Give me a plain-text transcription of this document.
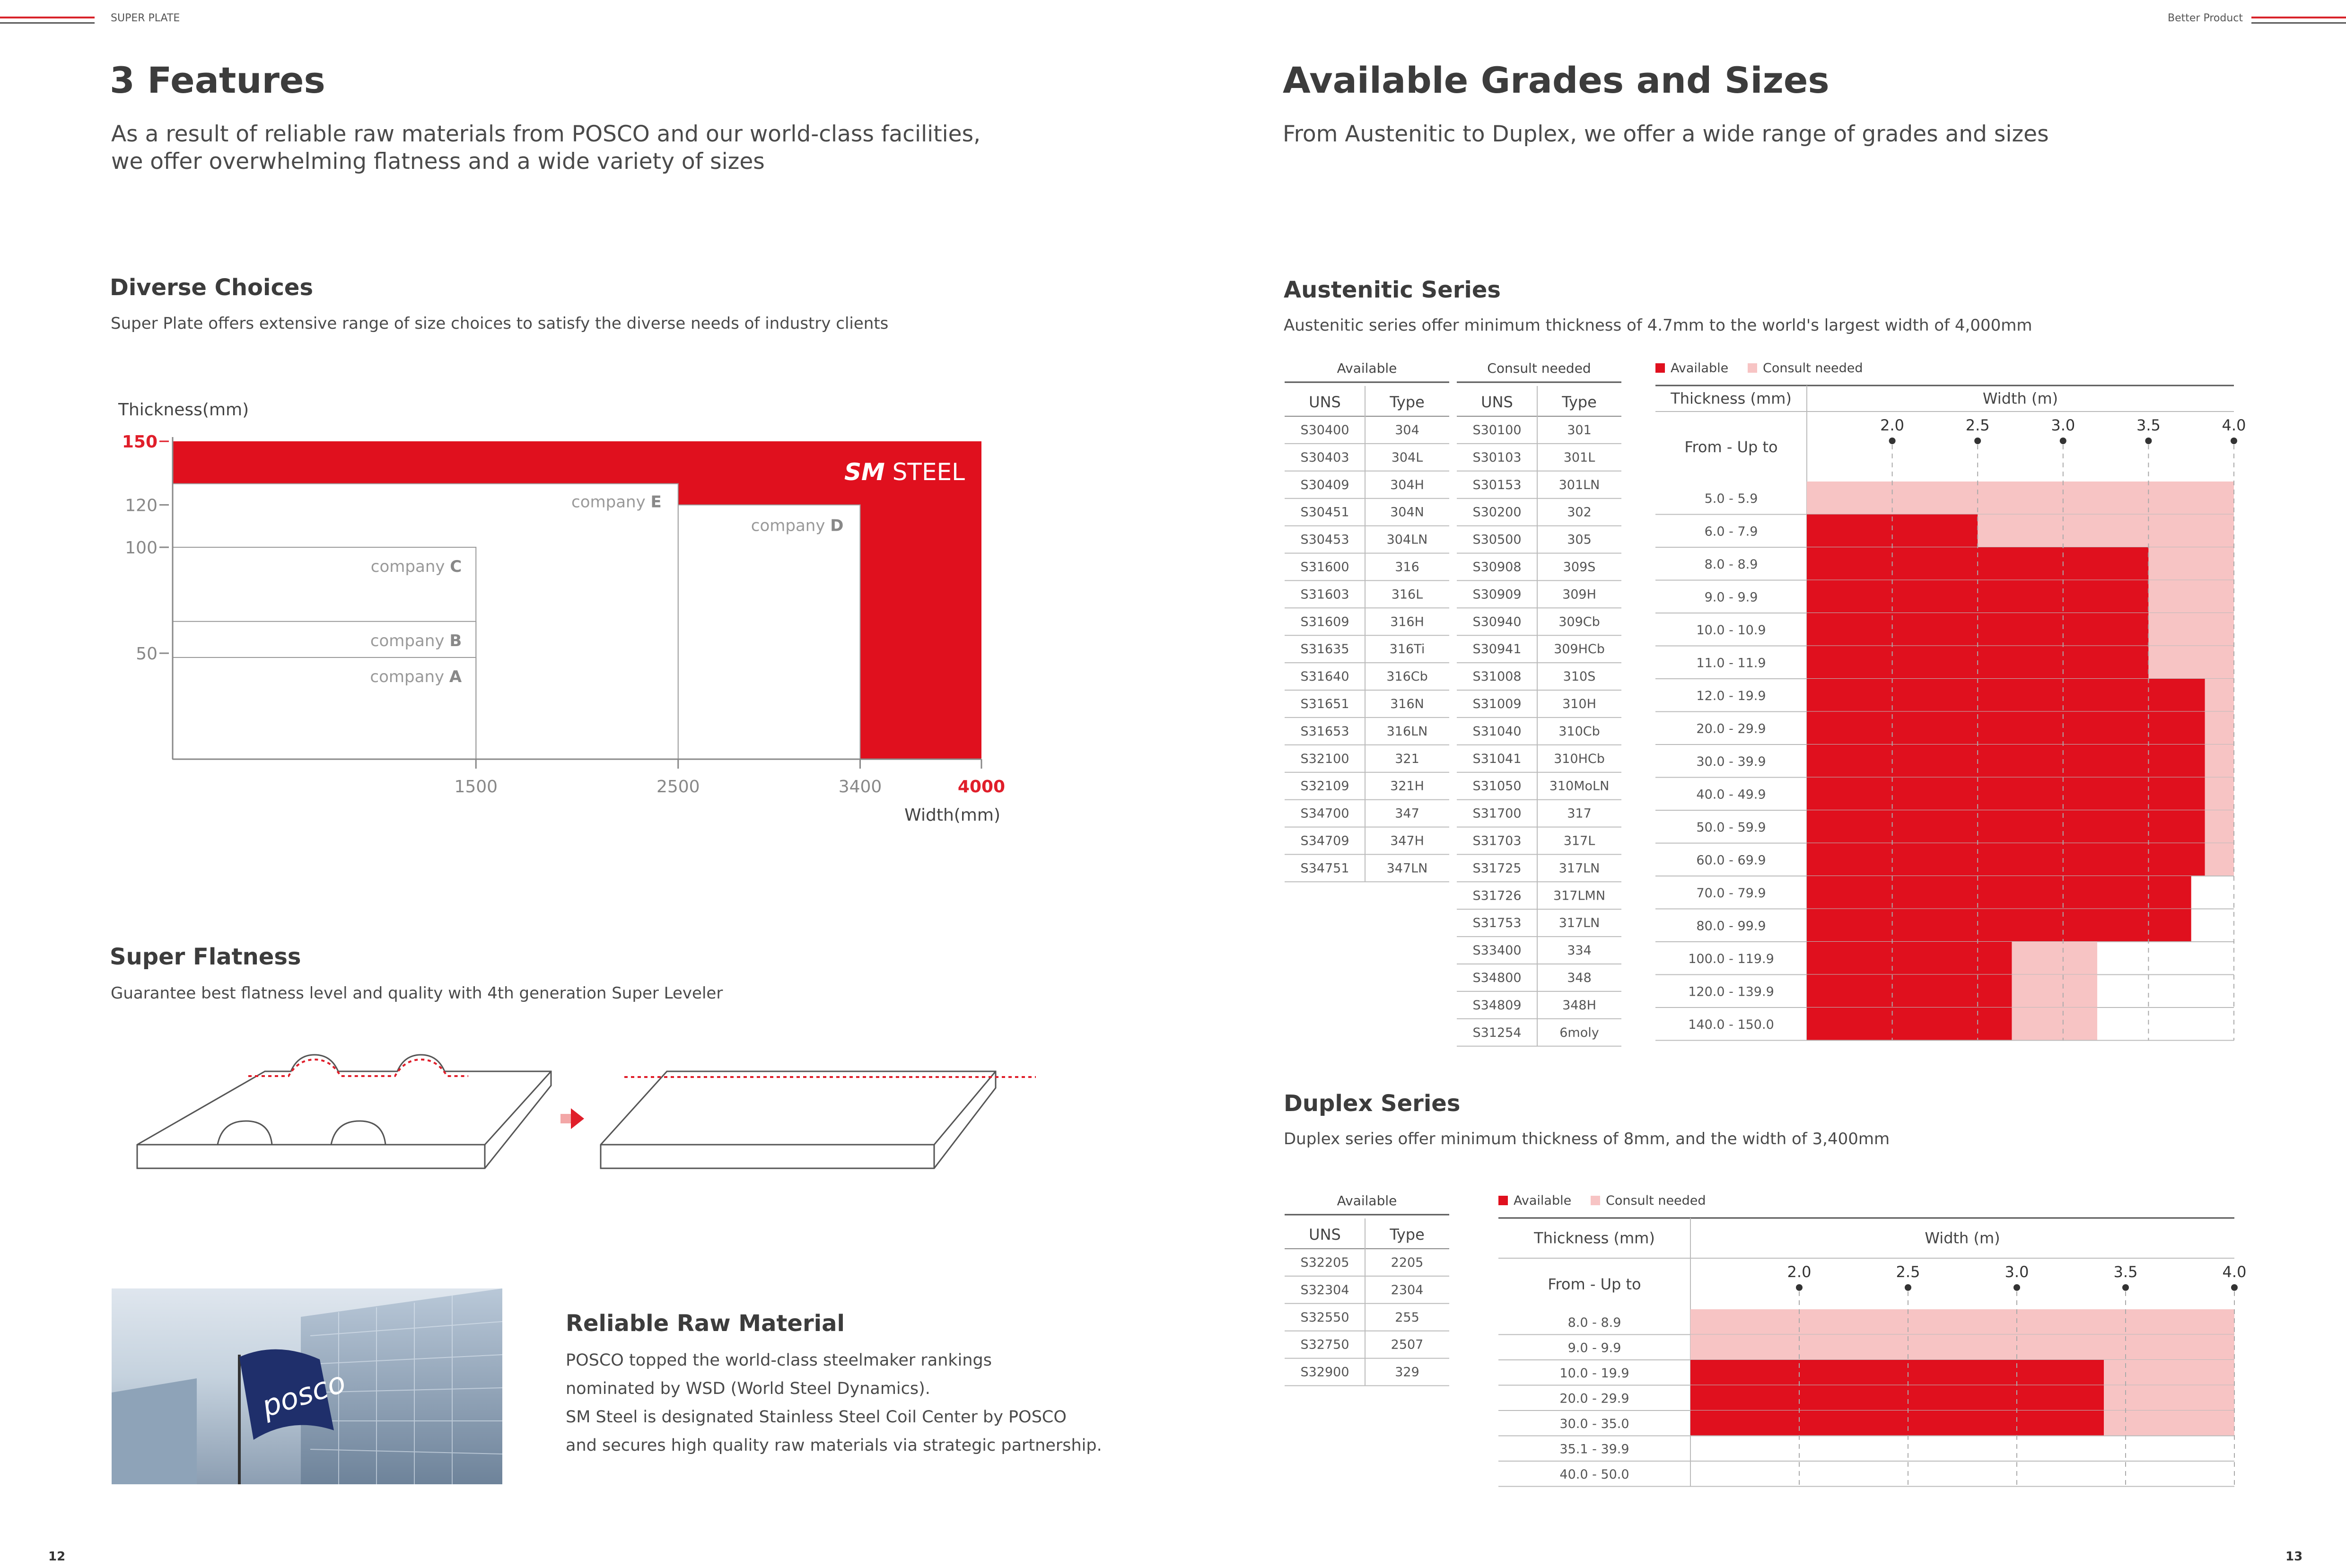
SUPER PLATE	Better Product
3 Features
As a result of reliable raw materials from POSCO and our world-class facilities,
we offer overwhelming flatness and a wide variety of sizes
Diverse Choices
Super Plate offers extensive range of size choices to satisfy the diverse needs of industry clients
Thickness(mm)
company E
company D
company C
company B
company A
SM STEEL
50
100
120
150
1500	2500	3400	4000
Width(mm)
Super Flatness
Guarantee best flatness level and quality with 4th generation Super Leveler
posco
Reliable Raw Material
POSCO topped the world-class steelmaker rankings
nominated by WSD (World Steel Dynamics).
SM Steel is designated Stainless Steel Coil Center by POSCO
and secures high quality raw materials via strategic partnership.
12
Available Grades and Sizes
From Austenitic to Duplex, we offer a wide range of grades and sizes
Austenitic Series
Austenitic series offer minimum thickness of 4.7mm to the world's largest width of 4,000mm
Available
UNS	Type
S30400	304
S30403	304L
S30409	304H
S30451	304N
S30453	304LN
S31600	316
S31603	316L
S31609	316H
S31635	316Ti
S31640	316Cb
S31651	316N
S31653	316LN
S32100	321
S32109	321H
S34700	347
S34709	347H
S34751	347LN
Consult needed
UNS	Type
S30100	301
S30103	301L
S30153	301LN
S30200	302
S30500	305
S30908	309S
S30909	309H
S30940	309Cb
S30941	309HCb
S31008	310S
S31009	310H
S31040	310Cb
S31041	310HCb
S31050 310MoLN
S31700	317
S31703	317L
S31725	317LN
S31726 317LMN
S31753	317LN
S33400	334
S34800	348
S34809	348H
S31254	6moly
Available	Consult needed
Thickness (mm)	Width (m)
From - Up to
2.0	2.5	3.0	3.5	4.0
5.0 - 5.9
6.0 - 7.9
8.0 - 8.9
9.0 - 9.9
10.0 - 10.9
11.0 - 11.9
12.0 - 19.9
20.0 - 29.9
30.0 - 39.9
40.0 - 49.9
50.0 - 59.9
60.0 - 69.9
70.0 - 79.9
80.0 - 99.9
100.0 - 119.9
120.0 - 139.9
140.0 - 150.0
Duplex Series
Duplex series offer minimum thickness of 8mm, and the width of 3,400mm
Available
UNS	Type
S32205	2205
S32304	2304
S32550	255
S32750	2507
S32900	329
Available	Consult needed
Thickness (mm)	Width (m)
From - Up to
2.0	2.5	3.0	3.5	4.0
8.0 - 8.9
9.0 - 9.9
10.0 - 19.9
20.0 - 29.9
30.0 - 35.0
35.1 - 39.9
40.0 - 50.0
13
